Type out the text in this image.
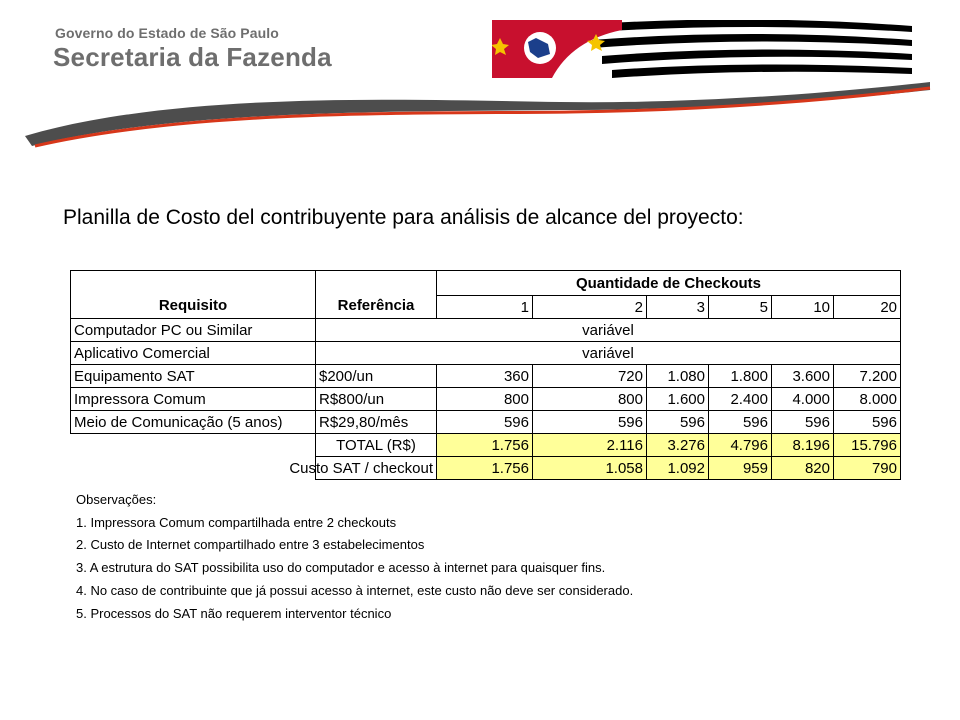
Governo do Estado de São Paulo
Secretaria da Fazenda
Planilla de Costo del contribuyente para análisis de alcance del proyecto:
Requisito	Referência	Quantidade de Checkouts					
		1	2	3	5	10	20
Computador PC ou Similar	variável						
Aplicativo Comercial	variável						
Equipamento SAT	$200/un	360	720	1.080	1.800	3.600	7.200
Impressora Comum	R$800/un	800	800	1.600	2.400	4.000	8.000
Meio de Comunicação (5 anos)	R$29,80/mês	596	596	596	596	596	596
	TOTAL (R$)	1.756	2.116	3.276	4.796	8.196	15.796
	Custo SAT / checkout	1.756	1.058	1.092	959	820	790
Observações:
1. Impressora Comum compartilhada entre 2 checkouts
2. Custo de Internet compartilhado entre 3 estabelecimentos
3. A estrutura do SAT possibilita uso do computador e acesso à internet para quaisquer fins.
4. No caso de contribuinte que já possui acesso à internet, este custo não deve ser considerado.
5. Processos do SAT não requerem interventor técnico
